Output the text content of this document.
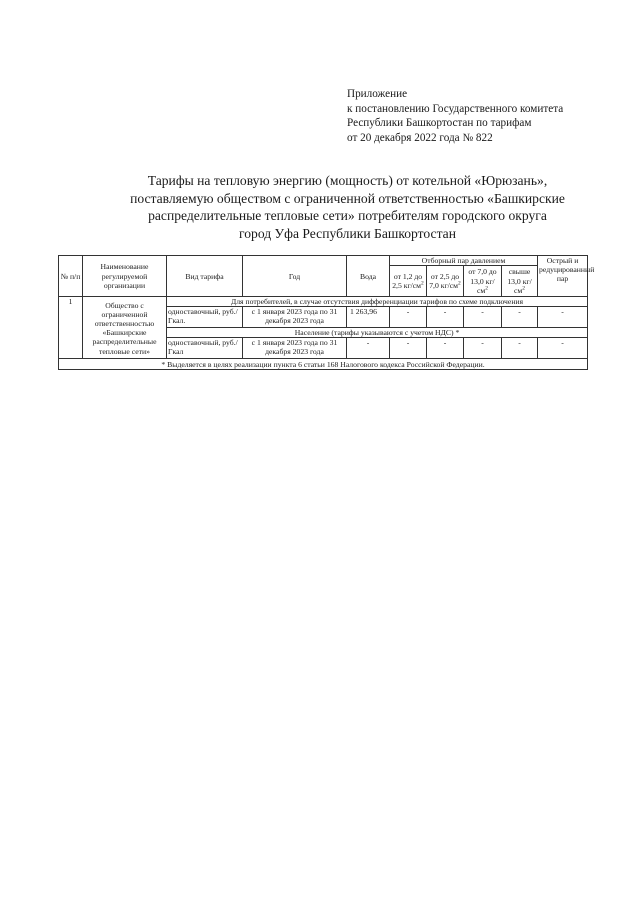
Приложение
к постановлению Государственного комитета
Республики Башкортостан по тарифам
от 20 декабря 2022 года № 822
Тарифы на тепловую энергию (мощность) от котельной «Юрюзань»,
поставляемую обществом с ограниченной ответственностью «Башкирские
распределительные тепловые сети» потребителям городского округа
город Уфа Республики Башкортостан
№ п/п	Наименование регулируемой организации	Вид тарифа	Год	Вода	Отборный пар давлением				Острый и редуцированный пар
					от 1,2 до 2,5 $кг/см^2$	от 2,5 до 7,0 $кг/см^2$	от 7,0 до 13,0 $кг/см^2$	свыше 13,0 $кг/см^2$
1	Общество с ограниченной ответственностью «Башкирские распределительные тепловые сети»	Для потребителей, в случае отсутствия дифференциации тарифов по схеме подключения							
		одноставочный, руб./Гкал.	с 1 января 2023 года по 31 декабря 2023 года	1 263,96	-	-	-	-	-
		Население (тарифы указываются с учетом НДС) *							
		одноставочный, руб./Гкал	с 1 января 2023 года по 31 декабря 2023 года	-	-	-	-	-	-
* Выделяется в целях реализации пункта 6 статьи 168 Налогового кодекса Российской Федерации.									
